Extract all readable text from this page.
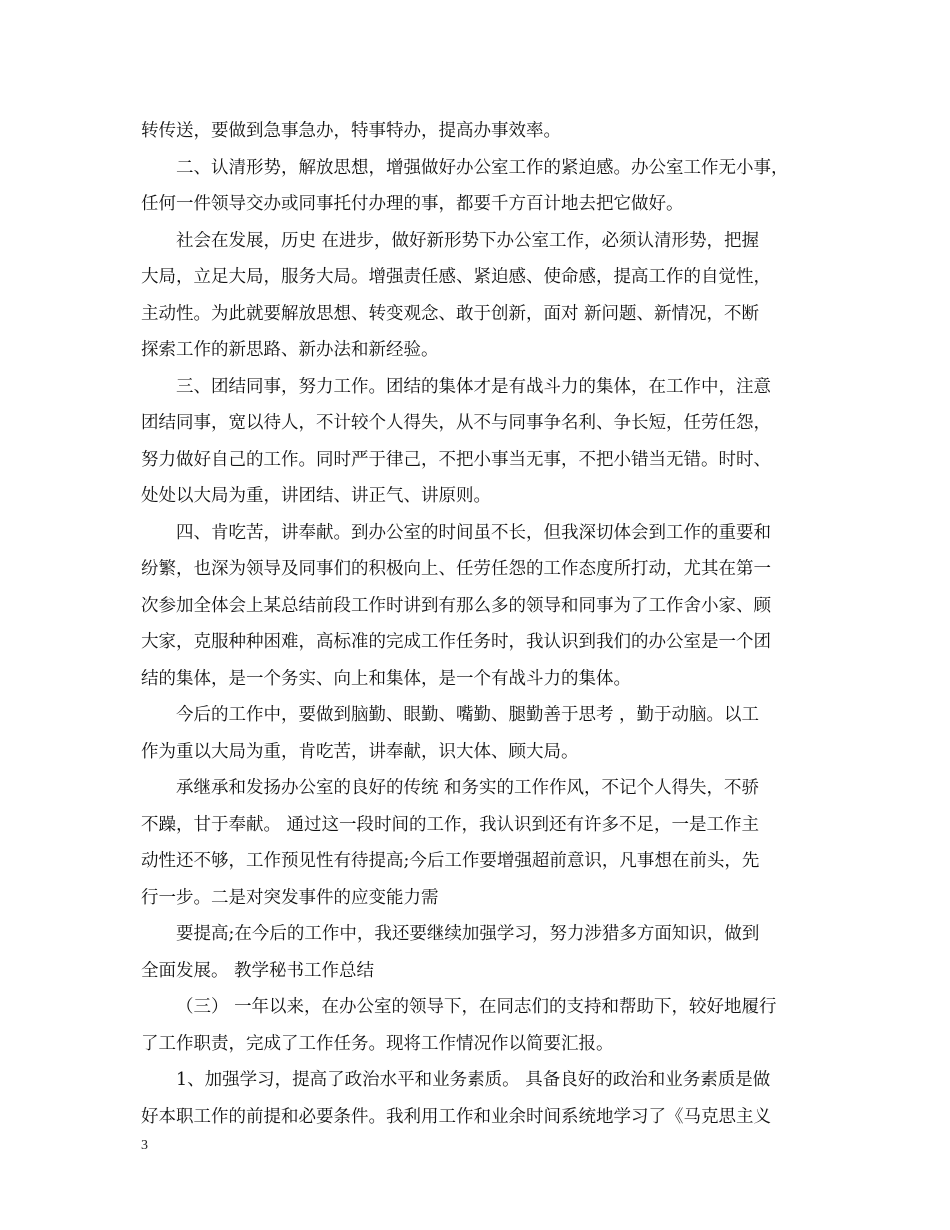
转传送，要做到急事急办，特事特办，提高办事效率。
二、认清形势，解放思想，增强做好办公室工作的紧迫感。办公室工作无小事，
任何一件领导交办或同事托付办理的事，都要千方百计地去把它做好。
社会在发展，历史 在进步，做好新形势下办公室工作，必须认清形势，把握
大局，立足大局，服务大局。增强责任感、紧迫感、使命感，提高工作的自觉性，
主动性。为此就要解放思想、转变观念、敢于创新，面对 新问题、新情况，不断
探索工作的新思路、新办法和新经验。
三、团结同事，努力工作。团结的集体才是有战斗力的集体，在工作中，注意
团结同事，宽以待人，不计较个人得失，从不与同事争名利、争长短，任劳任怨，
努力做好自己的工作。同时严于律己，不把小事当无事，不把小错当无错。时时、
处处以大局为重，讲团结、讲正气、讲原则。
四、肯吃苦，讲奉献。到办公室的时间虽不长，但我深切体会到工作的重要和
纷繁，也深为领导及同事们的积极向上、任劳任怨的工作态度所打动，尤其在第一
次参加全体会上某总结前段工作时讲到有那么多的领导和同事为了工作舍小家、顾
大家，克服种种困难，高标准的完成工作任务时，我认识到我们的办公室是一个团
结的集体，是一个务实、向上和集体，是一个有战斗力的集体。
今后的工作中，要做到脑勤、眼勤、嘴勤、腿勤善于思考 ，勤于动脑。以工
作为重以大局为重，肯吃苦，讲奉献，识大体、顾大局。
承继承和发扬办公室的良好的传统 和务实的工作作风，不记个人得失，不骄
不躁，甘于奉献。 通过这一段时间的工作，我认识到还有许多不足，一是工作主
动性还不够，工作预见性有待提高;今后工作要增强超前意识，凡事想在前头，先
行一步。二是对突发事件的应变能力需
要提高;在今后的工作中，我还要继续加强学习，努力涉猎多方面知识，做到
全面发展。 教学秘书工作总结
（三） 一年以来，在办公室的领导下，在同志们的支持和帮助下，较好地履行
了工作职责，完成了工作任务。现将工作情况作以简要汇报。
1、加强学习，提高了政治水平和业务素质。 具备良好的政治和业务素质是做
好本职工作的前提和必要条件。我利用工作和业余时间系统地学习了《马克思主义
3
